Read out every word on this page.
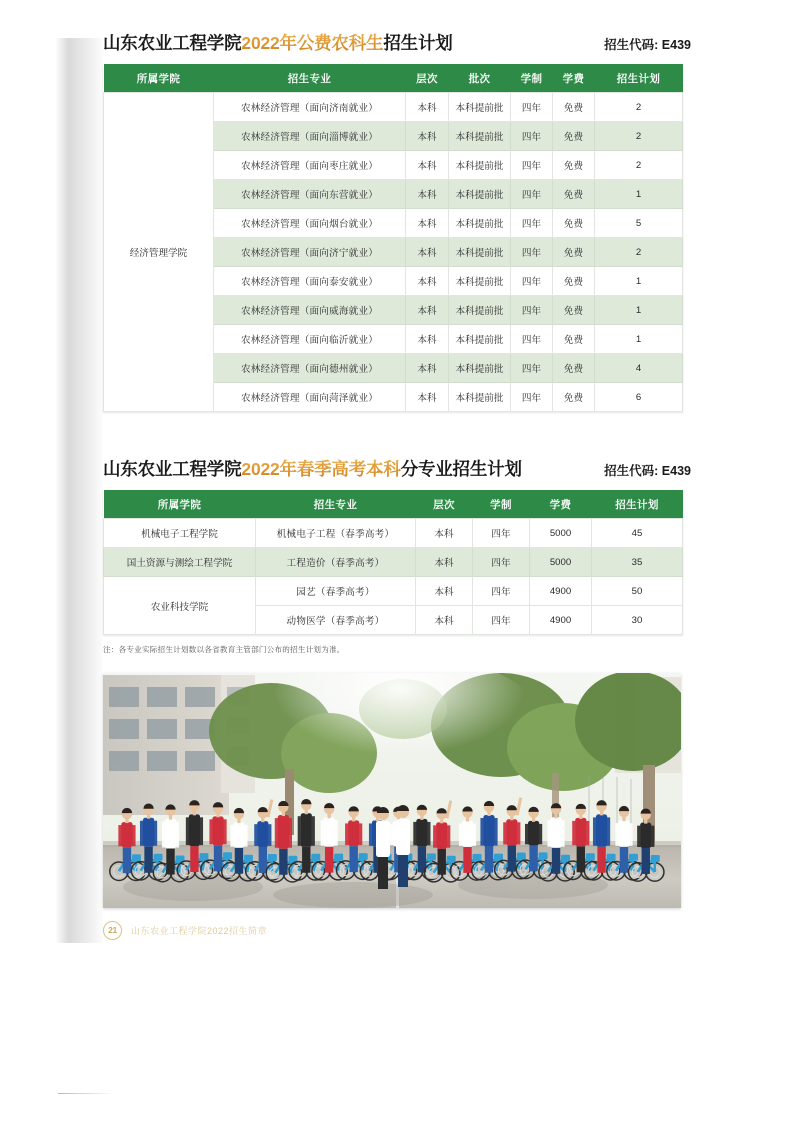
山东农业工程学院2022年公费农科生招生计划	招生代码: E439
所属学院	招生专业	层次	批次	学制	学费	招生计划
经济管理学院	农林经济管理（面向济南就业）	本科	本科提前批	四年	免费	2
	农林经济管理（面向淄博就业）	本科	本科提前批	四年	免费	2
	农林经济管理（面向枣庄就业）	本科	本科提前批	四年	免费	2
	农林经济管理（面向东营就业）	本科	本科提前批	四年	免费	1
	农林经济管理（面向烟台就业）	本科	本科提前批	四年	免费	5
	农林经济管理（面向济宁就业）	本科	本科提前批	四年	免费	2
	农林经济管理（面向泰安就业）	本科	本科提前批	四年	免费	1
	农林经济管理（面向威海就业）	本科	本科提前批	四年	免费	1
	农林经济管理（面向临沂就业）	本科	本科提前批	四年	免费	1
	农林经济管理（面向德州就业）	本科	本科提前批	四年	免费	4
	农林经济管理（面向菏泽就业）	本科	本科提前批	四年	免费	6
山东农业工程学院2022年春季高考本科分专业招生计划	招生代码: E439
所属学院	招生专业	层次	学制	学费	招生计划
机械电子工程学院	机械电子工程（春季高考）	本科	四年	5000	45
国土资源与测绘工程学院	工程造价（春季高考）	本科	四年	5000	35
农业科技学院	园艺（春季高考）	本科	四年	4900	50
	动物医学（春季高考）	本科	四年	4900	30
注：各专业实际招生计划数以各省教育主管部门公布的招生计划为准。
21	山东农业工程学院2022招生简章
